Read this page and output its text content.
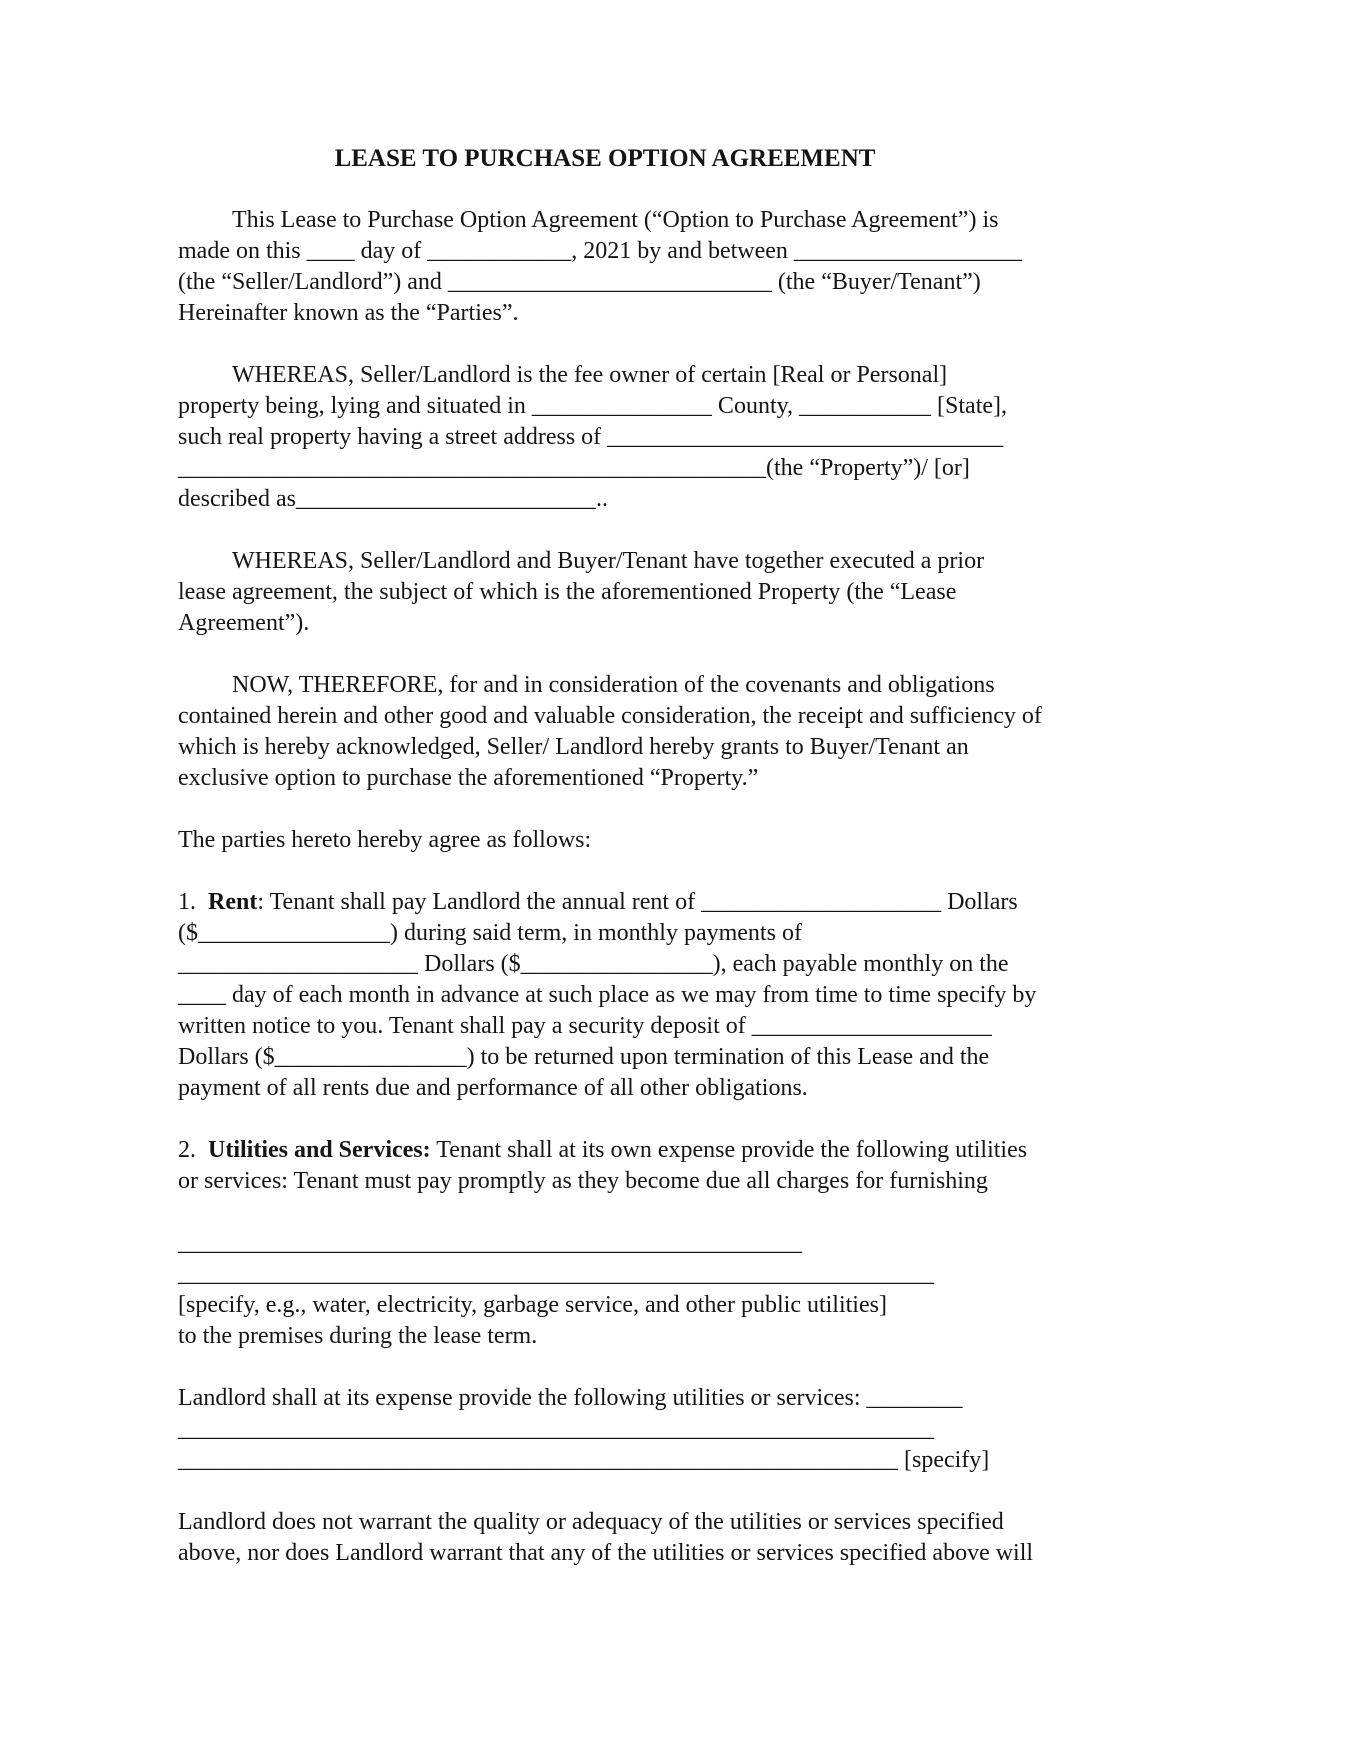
LEASE TO PURCHASE OPTION AGREEMENT
This Lease to Purchase Option Agreement (“Option to Purchase Agreement”) is
made on this ____ day of ____________, 2021 by and between ___________________
(the “Seller/Landlord”) and ___________________________ (the “Buyer/Tenant”)
Hereinafter known as the “Parties”.
WHEREAS, Seller/Landlord is the fee owner of certain [Real or Personal]
property being, lying and situated in _______________ County, ___________ [State],
such real property having a street address of _________________________________
_________________________________________________(the “Property”)/ [or]
described as_________________________..
WHEREAS, Seller/Landlord and Buyer/Tenant have together executed a prior
lease agreement, the subject of which is the aforementioned Property (the “Lease
Agreement”).
NOW, THEREFORE, for and in consideration of the covenants and obligations
contained herein and other good and valuable consideration, the receipt and sufficiency of
which is hereby acknowledged, Seller/ Landlord hereby grants to Buyer/Tenant an
exclusive option to purchase the aforementioned “Property.”
The parties hereto hereby agree as follows:
1.  Rent: Tenant shall pay Landlord the annual rent of ____________________ Dollars
($________________) during said term, in monthly payments of
____________________ Dollars ($________________), each payable monthly on the
____ day of each month in advance at such place as we may from time to time specify by
written notice to you. Tenant shall pay a security deposit of ____________________
Dollars ($________________) to be returned upon termination of this Lease and the
payment of all rents due and performance of all other obligations.
2.  Utilities and Services: Tenant shall at its own expense provide the following utilities
or services: Tenant must pay promptly as they become due all charges for furnishing

____________________________________________________
_______________________________________________________________
[specify, e.g., water, electricity, garbage service, and other public utilities]
to the premises during the lease term.
Landlord shall at its expense provide the following utilities or services: ________
_______________________________________________________________
____________________________________________________________ [specify]
Landlord does not warrant the quality or adequacy of the utilities or services specified
above, nor does Landlord warrant that any of the utilities or services specified above will
